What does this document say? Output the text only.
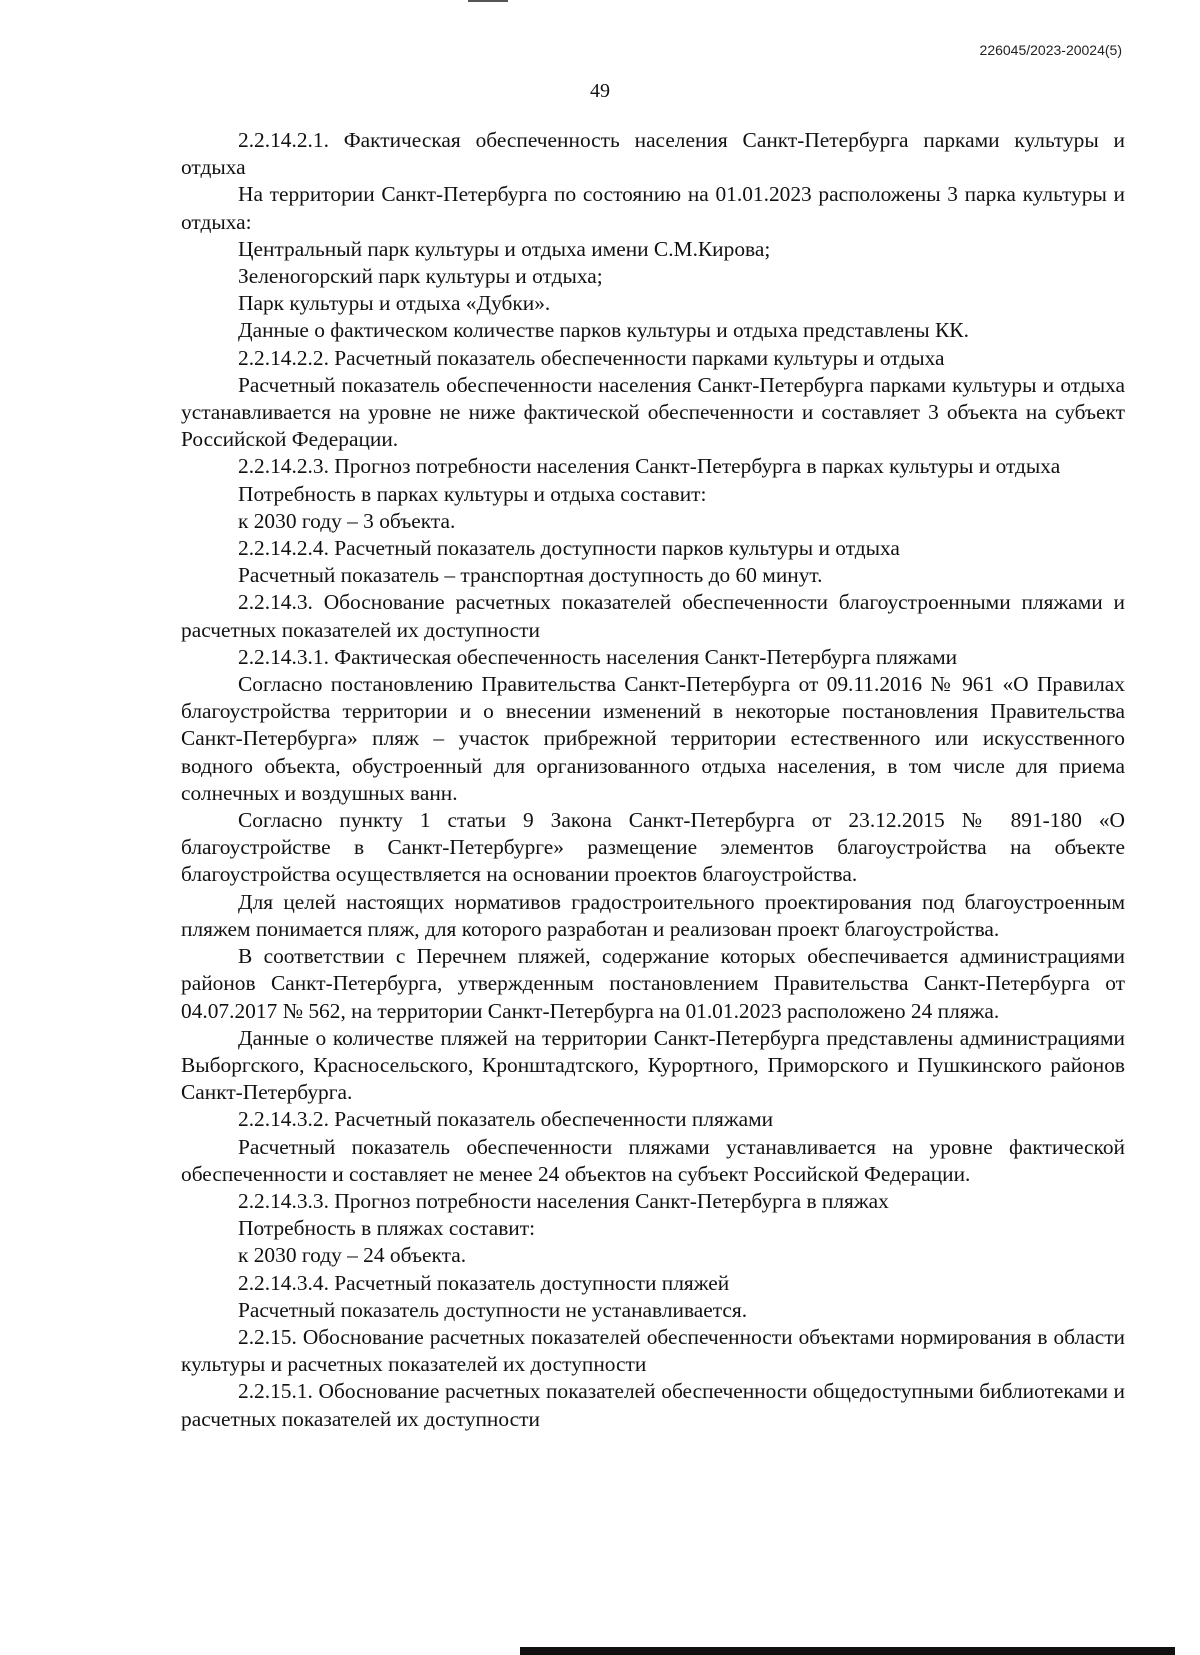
226045/2023-20024(5)
49

2.2.14.2.1. Фактическая обеспеченность населения Санкт-Петербурга парками культуры и отдыха

На территории Санкт-Петербурга по состоянию на 01.01.2023 расположены 3 парка культуры и отдыха:

Центральный парк культуры и отдыха имени С.М.Кирова;

Зеленогорский парк культуры и отдыха;

Парк культуры и отдыха «Дубки».

Данные о фактическом количестве парков культуры и отдыха представлены КК.

2.2.14.2.2. Расчетный показатель обеспеченности парками культуры и отдыха

Расчетный показатель обеспеченности населения Санкт-Петербурга парками культуры и отдыха устанавливается на уровне не ниже фактической обеспеченности и составляет 3 объекта на субъект Российской Федерации.

2.2.14.2.3. Прогноз потребности населения Санкт-Петербурга в парках культуры и отдыха

Потребность в парках культуры и отдыха составит:

к 2030 году – 3 объекта.

2.2.14.2.4. Расчетный показатель доступности парков культуры и отдыха

Расчетный показатель – транспортная доступность до 60 минут.

2.2.14.3. Обоснование расчетных показателей обеспеченности благоустроенными пляжами и расчетных показателей их доступности

2.2.14.3.1. Фактическая обеспеченность населения Санкт-Петербурга пляжами

Согласно постановлению Правительства Санкт-Петербурга от 09.11.2016 № 961 «О Правилах благоустройства территории и о внесении изменений в некоторые постановления Правительства Санкт-Петербурга» пляж – участок прибрежной территории естественного или искусственного водного объекта, обустроенный для организованного отдыха населения, в том числе для приема солнечных и воздушных ванн.

Согласно пункту 1 статьи 9 Закона Санкт-Петербурга от 23.12.2015 № 891-180 «О благоустройстве в Санкт-Петербурге» размещение элементов благоустройства на объекте благоустройства осуществляется на основании проектов благоустройства.

Для целей настоящих нормативов градостроительного проектирования под благоустроенным пляжем понимается пляж, для которого разработан и реализован проект благоустройства.

В соответствии с Перечнем пляжей, содержание которых обеспечивается администрациями районов Санкт-Петербурга, утвержденным постановлением Правительства Санкт-Петербурга от 04.07.2017 № 562, на территории Санкт-Петербурга на 01.01.2023 расположено 24 пляжа.

Данные о количестве пляжей на территории Санкт-Петербурга представлены администрациями Выборгского, Красносельского, Кронштадтского, Курортного, Приморского и Пушкинского районов Санкт-Петербурга.

2.2.14.3.2. Расчетный показатель обеспеченности пляжами

Расчетный показатель обеспеченности пляжами устанавливается на уровне фактической обеспеченности и составляет не менее 24 объектов на субъект Российской Федерации.

2.2.14.3.3. Прогноз потребности населения Санкт-Петербурга в пляжах

Потребность в пляжах составит:

к 2030 году – 24 объекта.

2.2.14.3.4. Расчетный показатель доступности пляжей

Расчетный показатель доступности не устанавливается.

2.2.15. Обоснование расчетных показателей обеспеченности объектами нормирования в области культуры и расчетных показателей их доступности

2.2.15.1. Обоснование расчетных показателей обеспеченности общедоступными библиотеками и расчетных показателей их доступности
